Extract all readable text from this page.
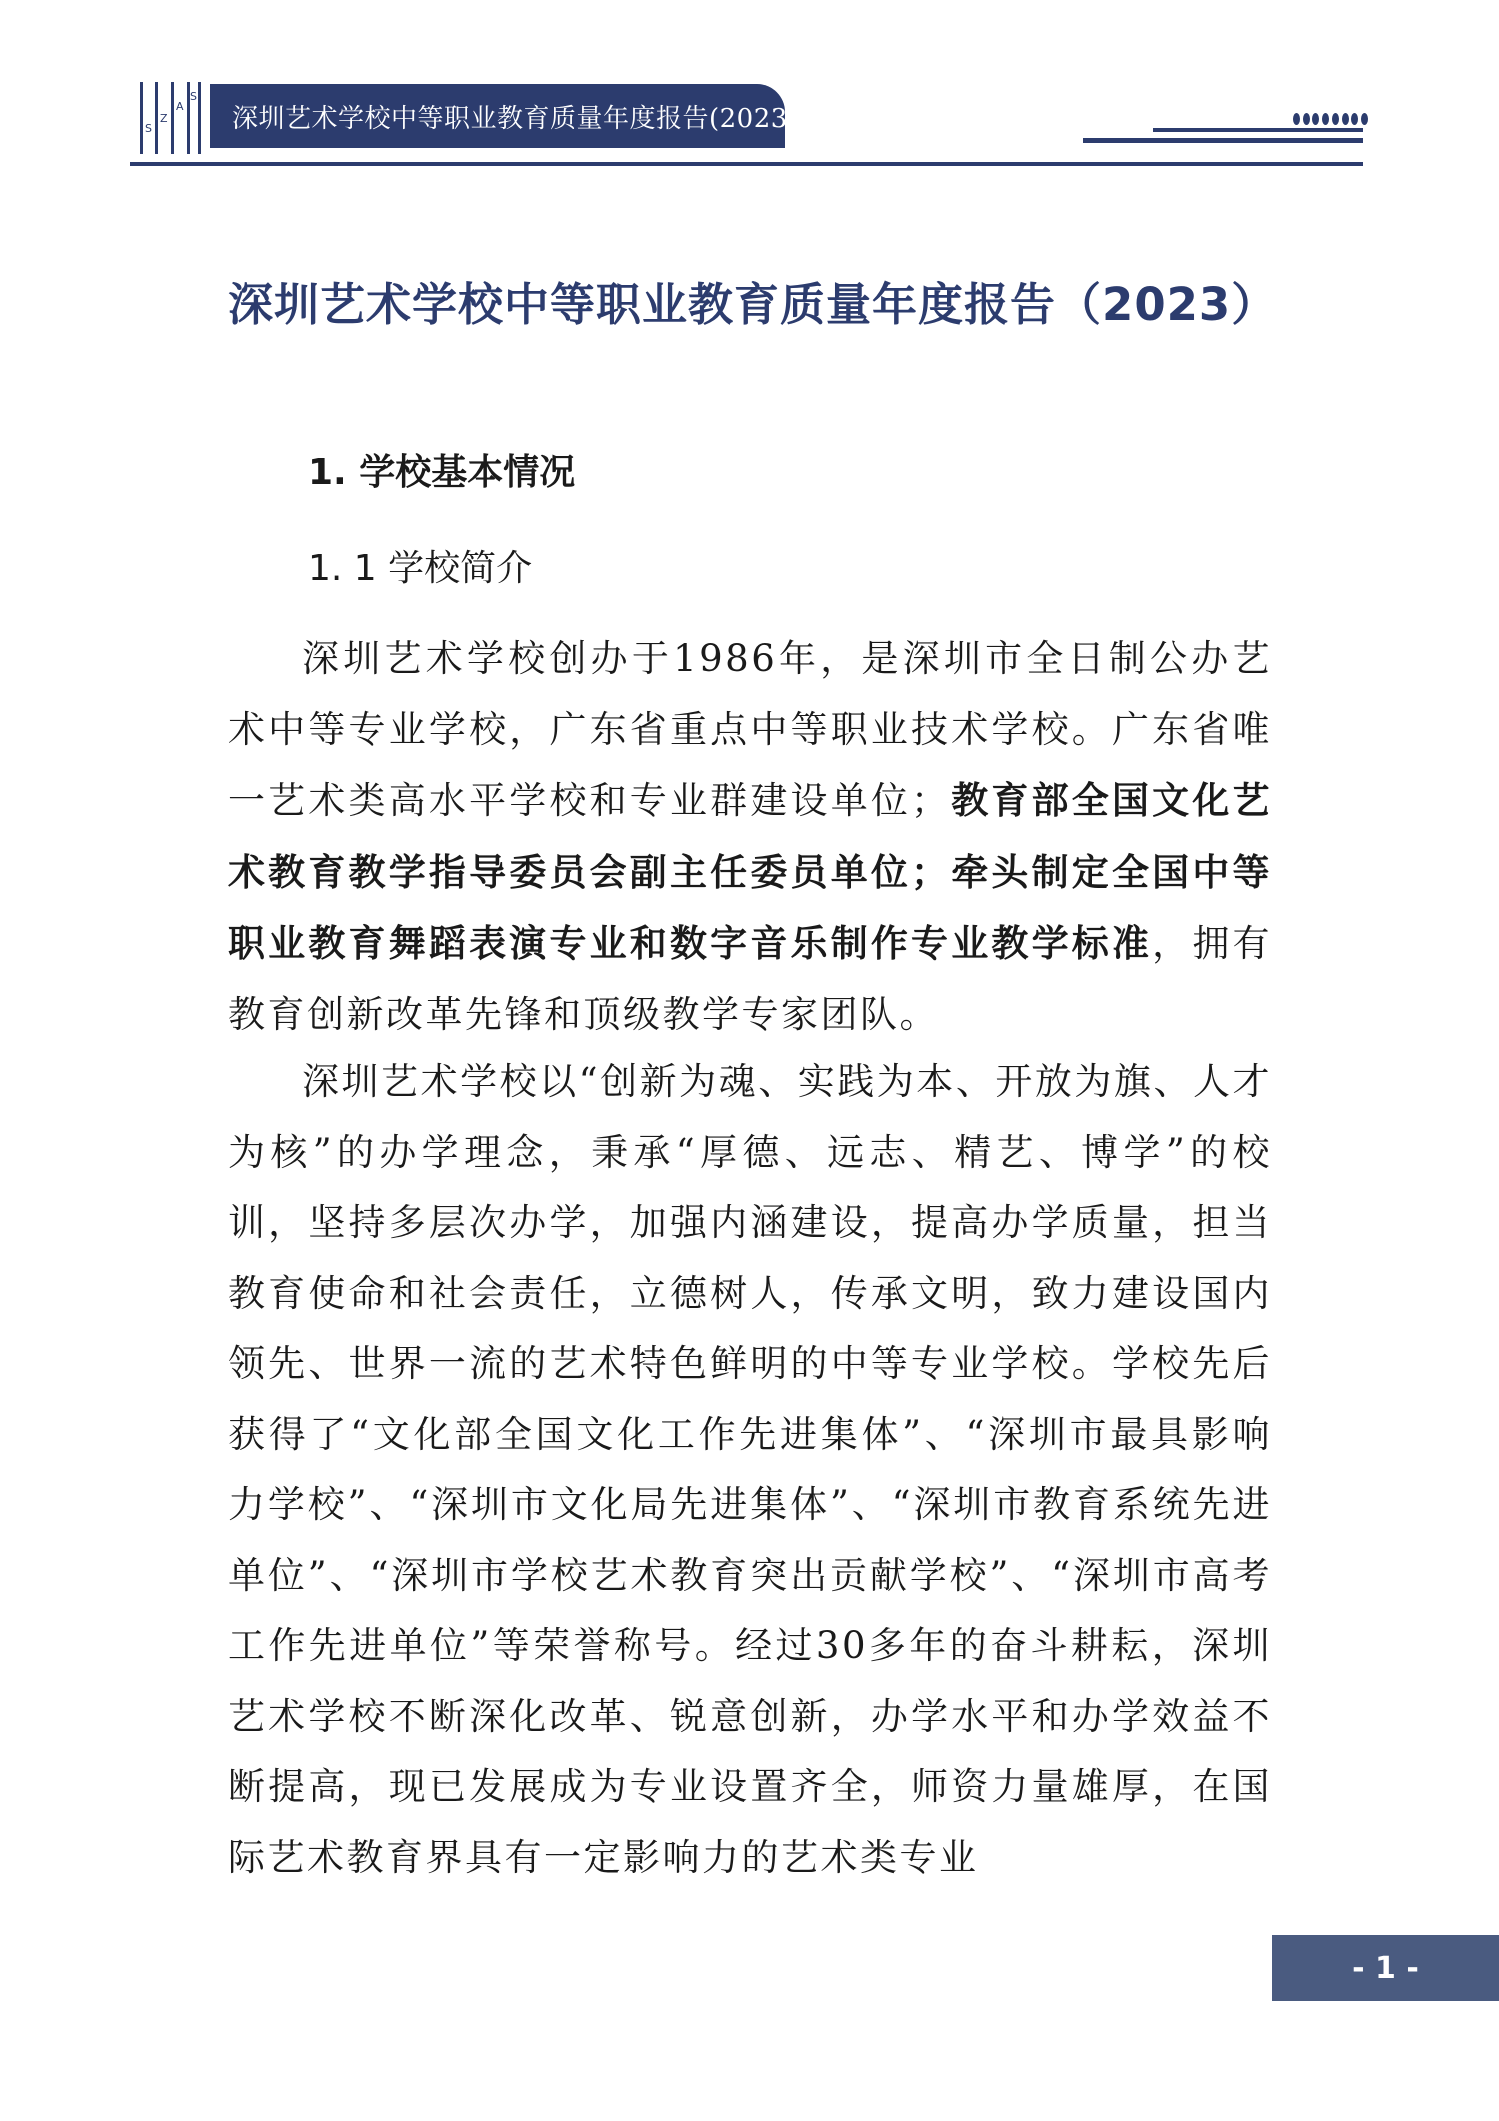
S
Z
A
S
深圳艺术学校中等职业教育质量年度报告(2023)
深圳艺术学校中等职业教育质量年度报告（2023）
1. 学校基本情况
1. 1 学校简介

深圳艺术学校创办于1986年，是深圳市全日制公办艺术中等专业学校，广东省重点中等职业技术学校。广东省唯一艺术类高水平学校和专业群建设单位；教育部全国文化艺术教育教学指导委员会副主任委员单位；牵头制定全国中等职业教育舞蹈表演专业和数字音乐制作专业教学标准，拥有教育创新改革先锋和顶级教学专家团队。

深圳艺术学校以“创新为魂、实践为本、开放为旗、人才为核”的办学理念，秉承“厚德、远志、精艺、博学”的校训，坚持多层次办学，加强内涵建设，提高办学质量，担当教育使命和社会责任，立德树人，传承文明，致力建设国内领先、世界一流的艺术特色鲜明的中等专业学校。学校先后获得了“文化部全国文化工作先进集体”、“深圳市最具影响力学校”、“深圳市文化局先进集体”、“深圳市教育系统先进单位”、“深圳市学校艺术教育突出贡献学校”、“深圳市高考工作先进单位”等荣誉称号。经过30多年的奋斗耕耘，深圳艺术学校不断深化改革、锐意创新，办学水平和办学效益不断提高，现已发展成为专业设置齐全，师资力量雄厚，在国际艺术教育界具有一定影响力的艺术类专业

- 1 -
